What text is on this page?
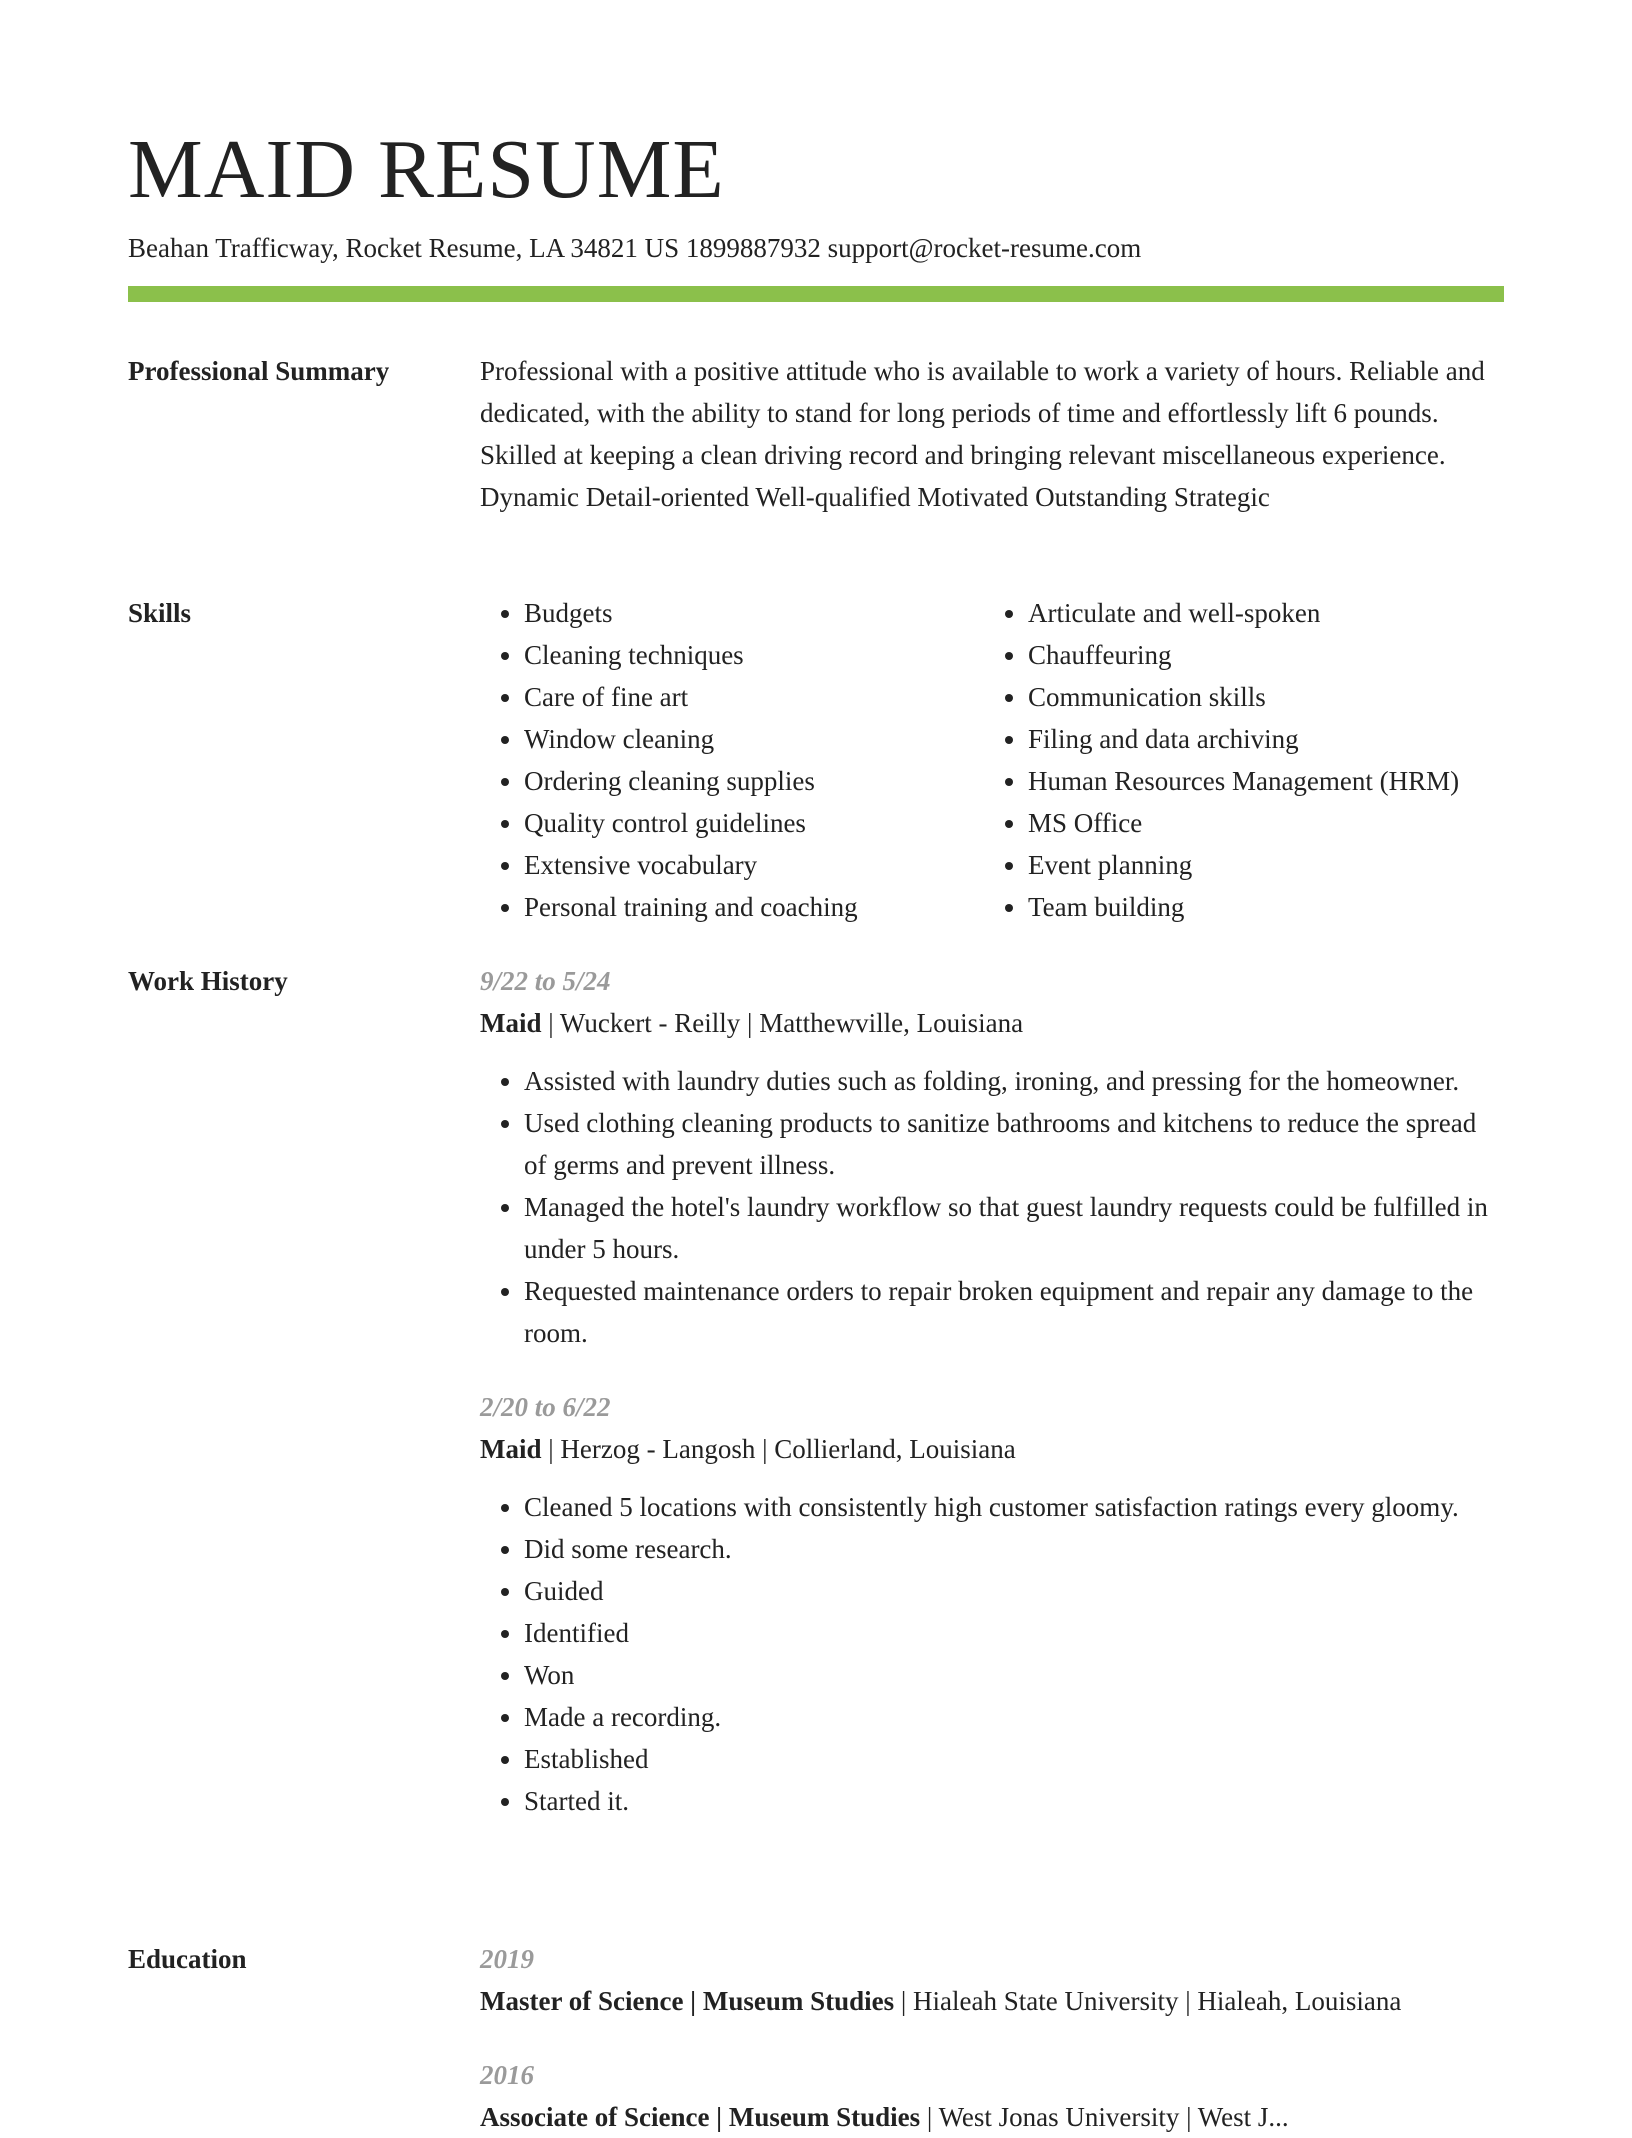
MAID RESUME
Beahan Trafficway, Rocket Resume, LA 34821 US 1899887932 support@rocket-resume.com
Professional Summary	Professional with a positive attitude who is available to work a variety of hours. Reliable and dedicated, with the ability to stand for long periods of time and effortlessly lift 6 pounds. Skilled at keeping a clean driving record and bringing relevant miscellaneous experience. Dynamic Detail-oriented Well-qualified Motivated Outstanding Strategic

Skills
•	Budgets
• Cleaning techniques
• Care of fine art
• Window cleaning
• Ordering cleaning supplies
• Quality control guidelines
• Extensive vocabulary
• Personal training and coaching
• Articulate and well-spoken
• Chauffeuring
• Communication skills
• Filing and data archiving
• Human Resources Management (HRM)
• MS Office
• Event planning
• Team building
Work History	9/22 to 5/24
Maid | Wuckert - Reilly | Matthewville, Louisiana
• Assisted with laundry duties such as folding, ironing, and pressing for the homeowner.
• Used clothing cleaning products to sanitize bathrooms and kitchens to reduce the spread of germs and prevent illness.
• Managed the hotel's laundry workflow so that guest laundry requests could be fulfilled in under 5 hours.
• Requested maintenance orders to repair broken equipment and repair any damage to the room.
2/20 to 6/22
Maid | Herzog - Langosh | Collierland, Louisiana
• Cleaned 5 locations with consistently high customer satisfaction ratings every gloomy.
• Did some research.
• Guided
• Identified
• Won
• Made a recording.
• Established
• Started it.
Education	2019
Master of Science | Museum Studies | Hialeah State University | Hialeah, Louisiana
2016
Associate of Science | Museum Studies | West Jonas University | West J...
